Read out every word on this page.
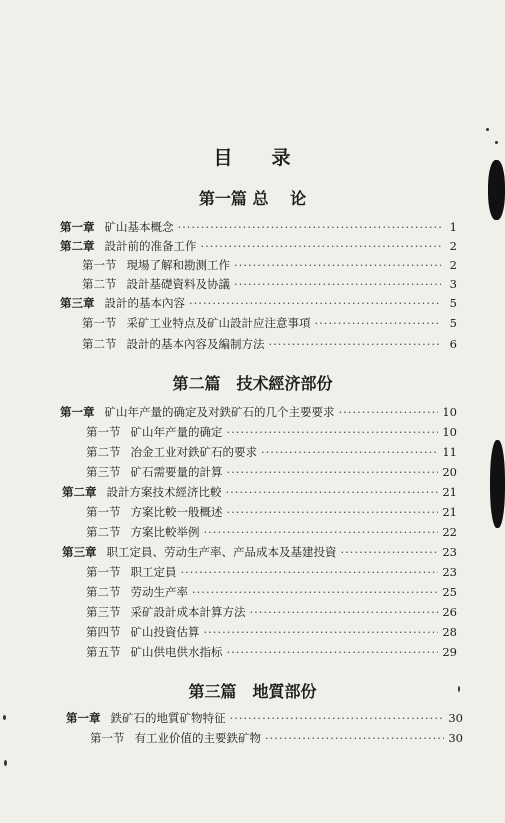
目 录
第一篇 总　 论
第一章 矿山基本概念 ·····	1
第二章 設計前的准备工作 ·····	2
第一节 現場了解和勘测工作 ·····	2
第二节 設計基礎資料及协議 ·····	3
第三章 設計的基本內容 ·····	5
第一节 采矿工业特点及矿山設計应注意事項 ·····	5
第二节 設計的基本內容及編制方法 ·····	6
第二篇　技术經济部份
第一章 矿山年产量的确定及对鉄矿石的几个主要要求 ·····	10
第一节 矿山年产量的确定 ·····	10
第二节 冶金工业对鉄矿石的要求 ·····	11
第三节 矿石需要量的計算 ·····	20
第二章 設計方案技术經济比較 ·····	21
第一节 方案比較一般概述 ·····	21
第二节 方案比較举例 ·····	22
第三章 职工定員、劳动生产率、产品成本及基建投資 ·····	23
第一节 职工定員 ·····	23
第二节 劳动生产率 ·····	25
第三节 采矿設計成本計算方法 ·····	26
第四节 矿山投資估算 ·····	28
第五节 矿山供电供水指标 ·····	29
第三篇　地質部份
第一章 鉄矿石的地質矿物特征 ·····	30
第一节 有工业价值的主要鉄矿物 ·····	30
